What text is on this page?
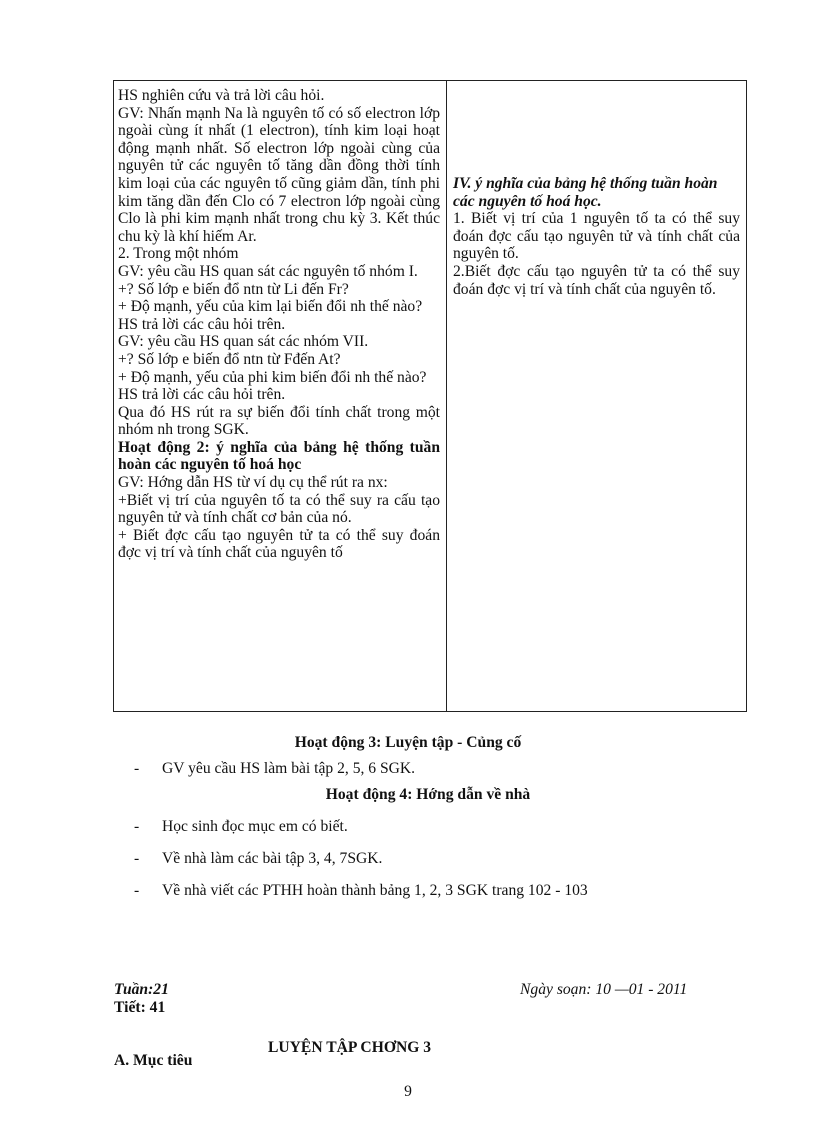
HS nghiên cứu và trả lời câu hỏi.

GV: Nhấn mạnh Na là nguyên tố có số electron lớp ngoài cùng ít nhất (1 electron), tính kim loại hoạt động mạnh nhất. Số electron lớp ngoài cùng của nguyên tử các nguyên tố tăng dần đồng thời tính kim loại của các nguyên tố cũng giảm dần, tính phi kim tăng dần đến Clo có 7 electron lớp ngoài cùng Clo là phi kim mạnh nhất trong chu kỳ 3. Kết thúc chu kỳ là khí hiếm Ar.

2. Trong một nhóm

GV: yêu cầu HS quan sát các nguyên tố nhóm I.

+? Số lớp e biến đổ ntn từ Li đến Fr?

+ Độ mạnh, yếu của kim lại biến đổi nh thế nào?

HS trả lời các câu hỏi trên.

GV: yêu cầu HS quan sát các nhóm VII.

+? Số lớp e biến đổ ntn từ Fđến At?

+ Độ mạnh, yếu của phi kim biến đổi nh thế nào?

HS trả lời các câu hỏi trên.

Qua đó HS rút ra sự biến đổi tính chất trong một nhóm nh trong SGK.

Hoạt động 2: ý nghĩa của bảng hệ thống tuần hoàn các nguyên tố hoá học

GV: Hớng dẫn HS từ ví dụ cụ thể rút ra nx:

+Biết vị trí của nguyên tố ta có thể suy ra cấu tạo nguyên tử và tính chất cơ bản của nó.

+ Biết đợc cấu tạo nguyên tử ta có thể suy đoán đợc vị trí và tính chất của nguyên tố

IV. ý nghĩa của bảng hệ thống tuần hoàn các nguyên tố hoá học.

1. Biết vị trí của 1 nguyên tố ta có thể suy đoán đợc cấu tạo nguyên tử và tính chất của nguyên tố.

2.Biết đợc cấu tạo nguyên tử ta có thể suy đoán đợc vị trí và tính chất của nguyên tố.

Hoạt động 3: Luyện tập - Củng cố
- GV yêu cầu HS làm bài tập 2, 5, 6 SGK.
Hoạt động 4: Hớng dẫn về nhà
- Học sinh đọc mục em có biết.
- Về nhà làm các bài tập 3, 4, 7SGK.
- Về nhà viết các PTHH hoàn thành bảng 1, 2, 3 SGK trang 102 - 103
Tuần:21
Tiết: 41
Ngày soạn: 10 —01 - 2011
LUYỆN TẬP CHƠNG 3
A. Mục tiêu
9
